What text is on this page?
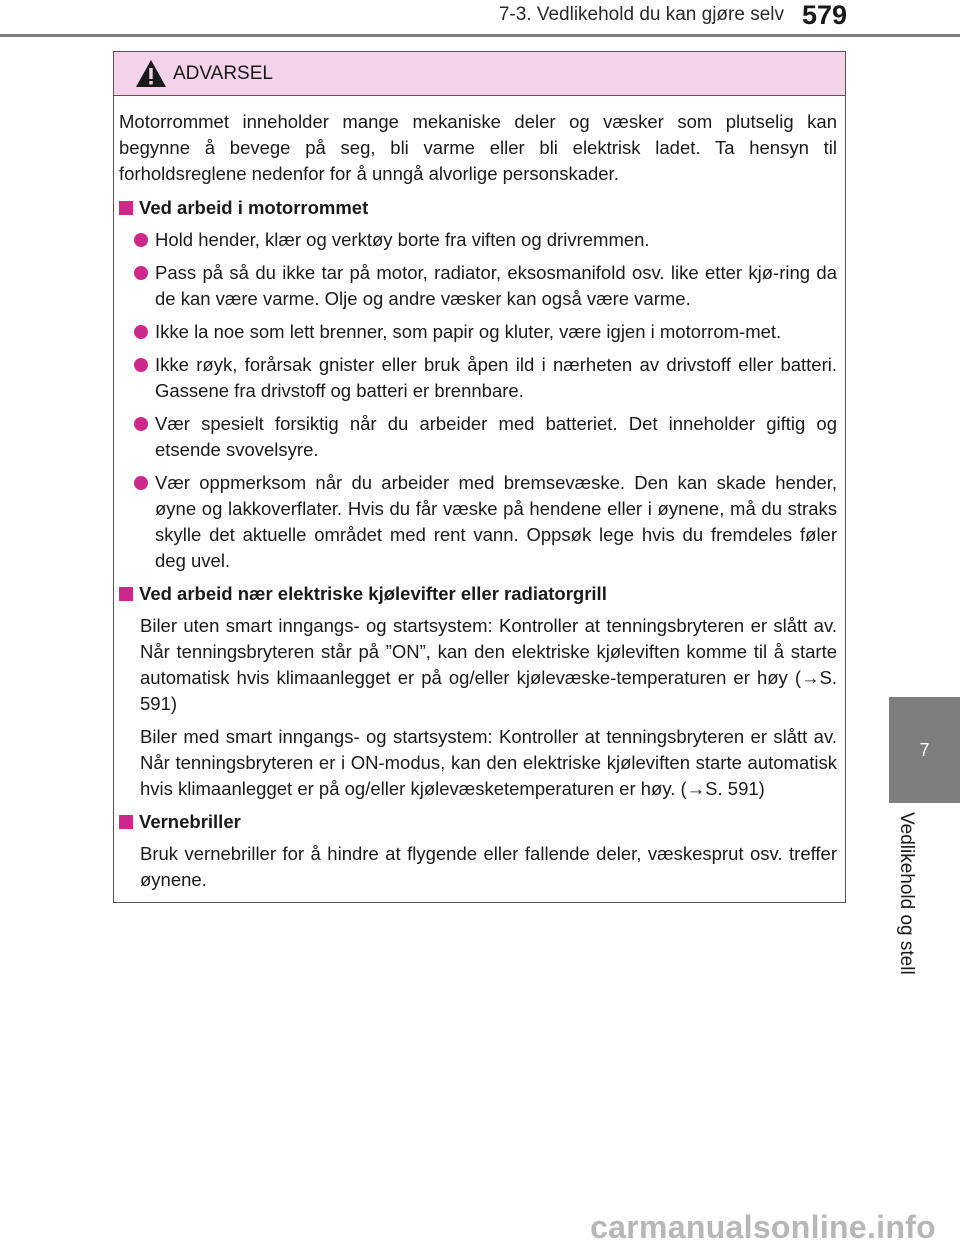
7-3. Vedlikehold du kan gjøre selv 579
7
Vedlikehold og stell
ADVARSEL

Motorrommet inneholder mange mekaniske deler og væsker som plutselig kan begynne å bevege på seg, bli varme eller bli elektrisk ladet. Ta hensyn til forholdsreglene nedenfor for å unngå alvorlige personskader.

Ved arbeid i motorrommet
Hold hender, klær og verktøy borte fra viften og drivremmen.
Pass på så du ikke tar på motor, radiator, eksosmanifold osv. like etter kjø-ring da de kan være varme. Olje og andre væsker kan også være varme.
Ikke la noe som lett brenner, som papir og kluter, være igjen i motorrom-met.
Ikke røyk, forårsak gnister eller bruk åpen ild i nærheten av drivstoff eller batteri. Gassene fra drivstoff og batteri er brennbare.
Vær spesielt forsiktig når du arbeider med batteriet. Det inneholder giftig og etsende svovelsyre.
Vær oppmerksom når du arbeider med bremsevæske. Den kan skade hender, øyne og lakkoverflater. Hvis du får væske på hendene eller i øynene, må du straks skylle det aktuelle området med rent vann. Oppsøk lege hvis du fremdeles føler deg uvel.
Ved arbeid nær elektriske kjølevifter eller radiatorgrill

Biler uten smart inngangs- og startsystem: Kontroller at tenningsbryteren er slått av. Når tenningsbryteren står på ”ON”, kan den elektriske kjøleviften komme til å starte automatisk hvis klimaanlegget er på og/eller kjølevæske-temperaturen er høy (→S. 591)

Biler med smart inngangs- og startsystem: Kontroller at tenningsbryteren er slått av. Når tenningsbryteren er i ON-modus, kan den elektriske kjøleviften starte automatisk hvis klimaanlegget er på og/eller kjølevæsketemperaturen er høy. (→S. 591)

Vernebriller

Bruk vernebriller for å hindre at flygende eller fallende deler, væskesprut osv. treffer øynene.

carmanualsonline.info
